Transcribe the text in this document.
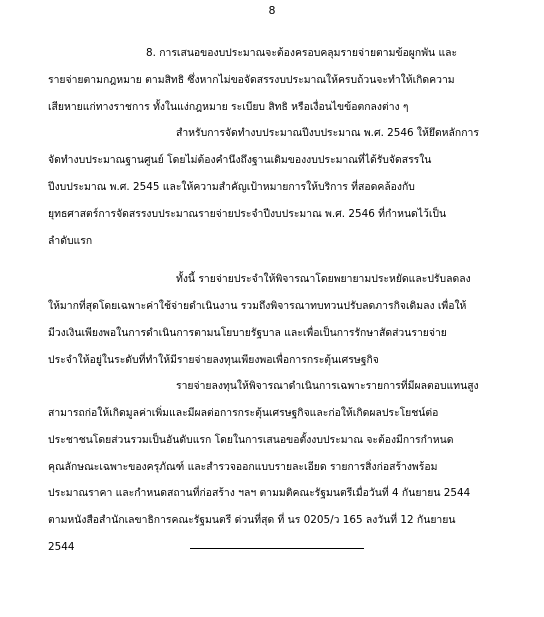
8
8. การเสนอของบประมาณจะต้องครอบคลุมรายจ่ายตามข้อผูกพัน และ
รายจ่ายตามกฎหมาย ตามสิทธิ ซึ่งหากไม่ขอจัดสรรงบประมาณให้ครบถ้วนจะทำให้เกิดความ
เสียหายแก่ทางราชการ ทั้งในแง่กฎหมาย ระเบียบ สิทธิ หรือเงื่อนไขข้อตกลงต่าง ๆ
สำหรับการจัดทำงบประมาณปีงบประมาณ พ.ศ. 2546 ให้ยึดหลักการ
จัดทำงบประมาณฐานศูนย์ โดยไม่ต้องคำนึงถึงฐานเดิมของงบประมาณที่ได้รับจัดสรรใน
ปีงบประมาณ พ.ศ. 2545 และให้ความสำคัญเป้าหมายการให้บริการ ที่สอดคล้องกับ
ยุทธศาสตร์การจัดสรรงบประมาณรายจ่ายประจำปีงบประมาณ พ.ศ. 2546 ที่กำหนดไว้เป็น
ลำดับแรก
ทั้งนี้ รายจ่ายประจำให้พิจารณาโดยพยายามประหยัดและปรับลดลง
ให้มากที่สุดโดยเฉพาะค่าใช้จ่ายดำเนินงาน รวมถึงพิจารณาทบทวนปรับลดภารกิจเดิมลง เพื่อให้
มีวงเงินเพียงพอในการดำเนินการตามนโยบายรัฐบาล และเพื่อเป็นการรักษาสัดส่วนรายจ่าย
ประจำให้อยู่ในระดับที่ทำให้มีรายจ่ายลงทุนเพียงพอเพื่อการกระตุ้นเศรษฐกิจ
รายจ่ายลงทุนให้พิจารณาดำเนินการเฉพาะรายการที่มีผลตอบแทนสูง
สามารถก่อให้เกิดมูลค่าเพิ่มและมีผลต่อการกระตุ้นเศรษฐกิจและก่อให้เกิดผลประโยชน์ต่อ
ประชาชนโดยส่วนรวมเป็นอันดับแรก โดยในการเสนอขอตั้งงบประมาณ จะต้องมีการกำหนด
คุณลักษณะเฉพาะของครุภัณฑ์ และสำรวจออกแบบรายละเอียด รายการสิ่งก่อสร้างพร้อม
ประมาณราคา และกำหนดสถานที่ก่อสร้าง ฯลฯ ตามมติคณะรัฐมนตรีเมื่อวันที่ 4 กันยายน 2544
ตามหนังสือสำนักเลขาธิการคณะรัฐมนตรี ด่วนที่สุด ที่ นร 0205/ว 165 ลงวันที่ 12 กันยายน
2544
